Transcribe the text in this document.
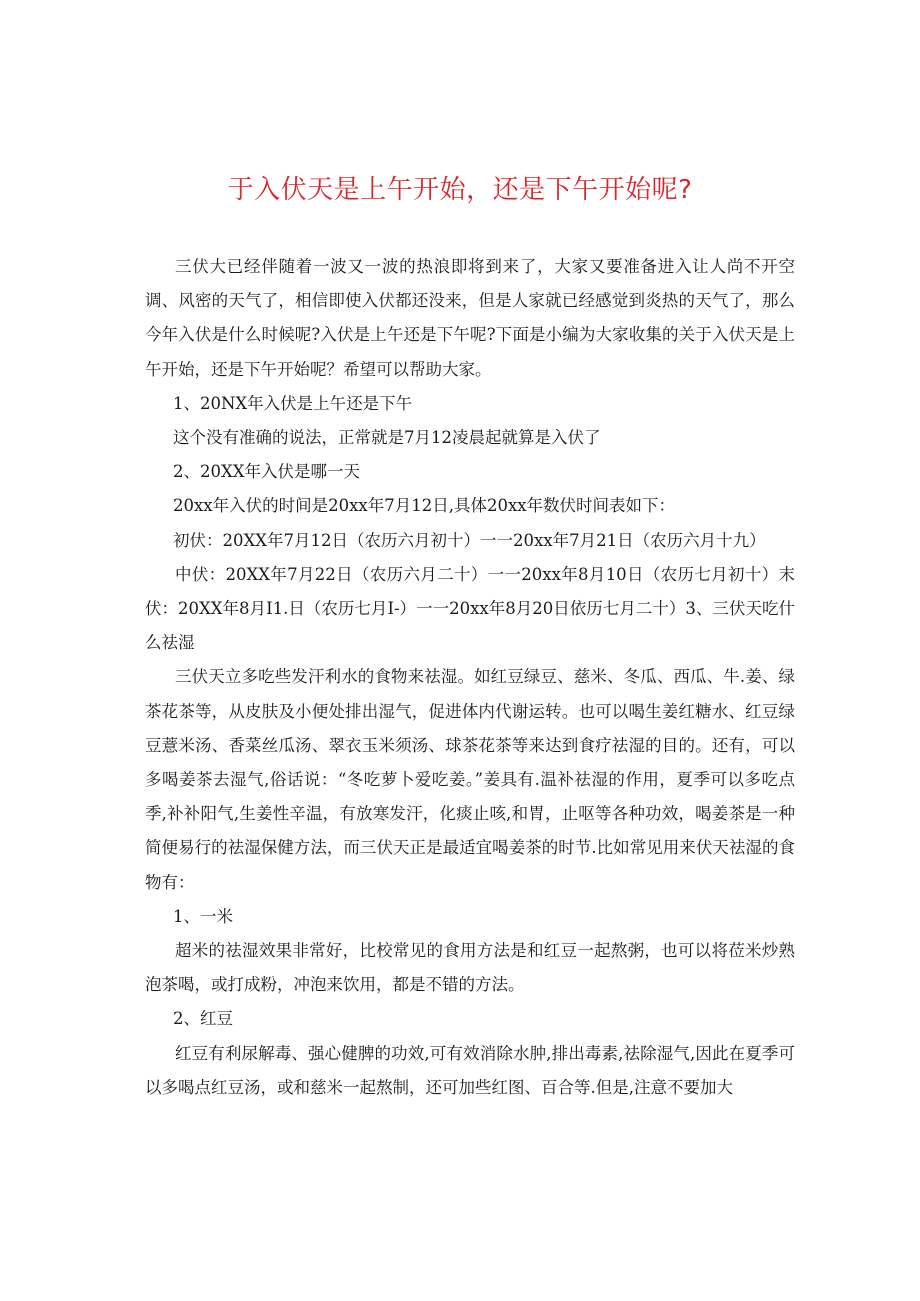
于入伏天是上午开始，还是下午开始呢?

三伏大已经伴随着一波又一波的热浪即将到来了，大家又要准备进入让人尚不开空调、风密的天气了，相信即使入伏都还没来，但是人家就已经感觉到炎热的天气了，那么今年入伏是什么时候呢?入伏是上午还是下午呢?下面是小编为大家收集的关于入伏天是上午开始，还是下午开始呢？希望可以帮助大家。

1、20NX年入伏是上午还是下午

这个没有准确的说法，正常就是7月12凌晨起就算是入伏了

2、20XX年入伏是哪一天

20xx年入伏的时间是20xx年7月12日,具体20xx年数伏时间表如下：

初伏：20XX年7月12日（农历六月初十）一一20xx年7月21日（农历六月十九）

中伏：20XX年7月22日（农历六月二十）一一20xx年8月10日（农历七月初十）末伏：20XX年8月I1.日（农历七月I-）一一20xx年8月20日依历七月二十）3、三伏天吃什么祛湿

三伏天立多吃些发汗利水的食物来祛湿。如红豆绿豆、慈米、冬瓜、西瓜、牛.姜、绿茶花茶等，从皮肤及小便处排出湿气，促进体内代谢运转。也可以喝生姜红糖水、红豆绿豆薏米汤、香菜丝瓜汤、翠衣玉米须汤、球茶花茶等来达到食疗祛湿的目的。还有，可以多喝姜茶去湿气,俗话说：“冬吃萝卜爱吃姜。”姜具有.温补祛湿的作用，夏季可以多吃点季,补补阳气,生姜性辛温，有放寒发汗，化痰止咳,和胃，止呕等各种功效，喝姜茶是一种简便易行的祛湿保健方法，而三伏天正是最适宜喝姜茶的时节.比如常见用来伏天祛湿的食物有：

1、一米

超米的祛湿效果非常好，比校常见的食用方法是和红豆一起熬粥，也可以将莅米炒熟泡茶喝，或打成粉，冲泡来饮用，都是不错的方法。

2、红豆

红豆有利尿解毒、强心健脾的功效,可有效消除水肿,排出毒素,祛除湿气,因此在夏季可以多喝点红豆汤，或和慈米一起熬制，还可加些红图、百合等.但是,注意不要加大
